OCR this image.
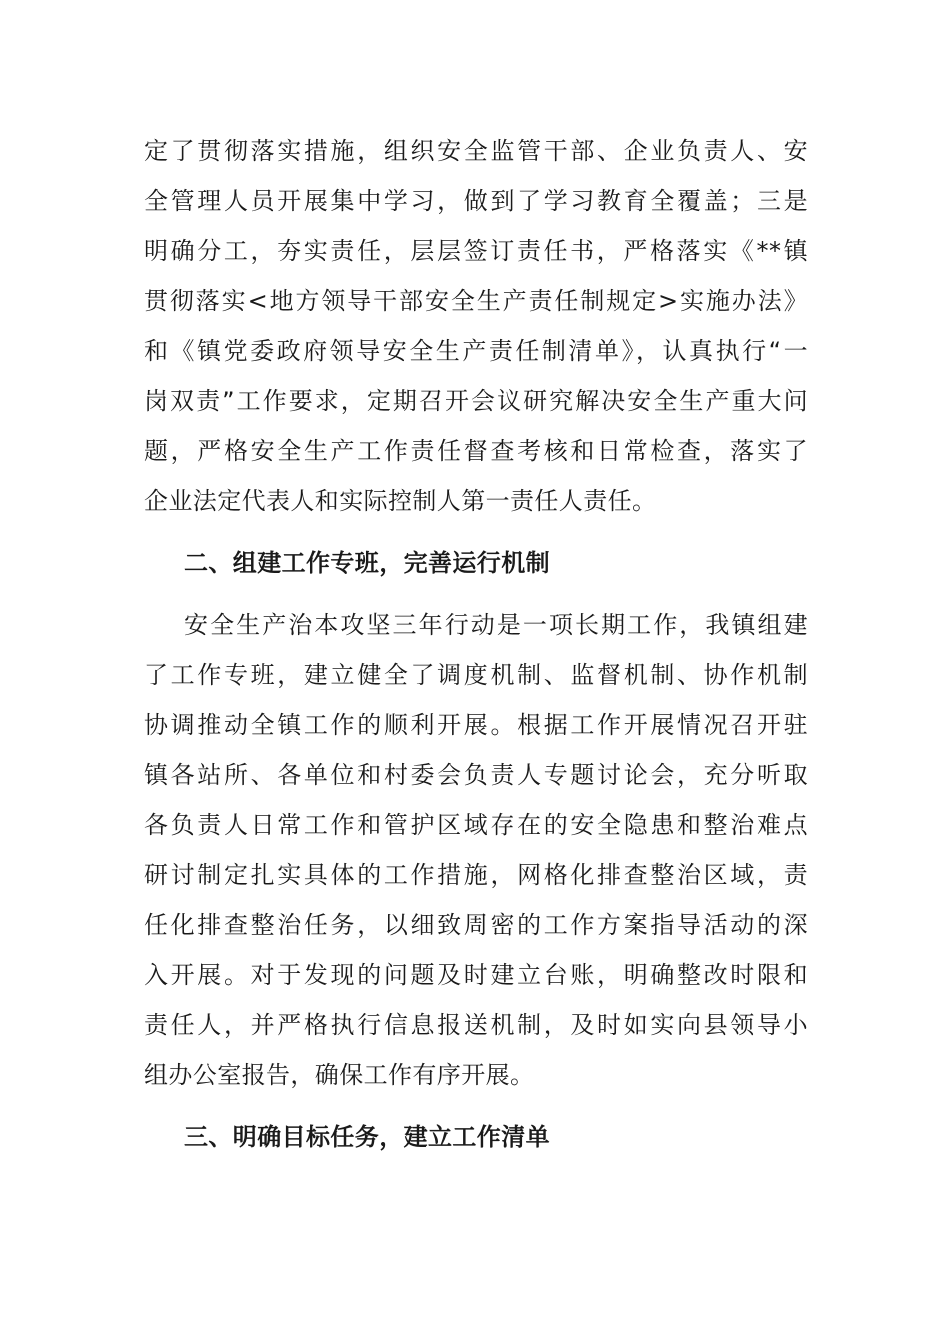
定了贯彻落实措施，组织安全监管干部、企业负责人、安
全管理人员开展集中学习，做到了学习教育全覆盖；三是
明确分工，夯实责任，层层签订责任书，严格落实《**镇
贯彻落实<地方领导干部安全生产责任制规定>实施办法》
和《镇党委政府领导安全生产责任制清单》，认真执行“一
岗双责”工作要求，定期召开会议研究解决安全生产重大问
题，严格安全生产工作责任督查考核和日常检查，落实了
企业法定代表人和实际控制人第一责任人责任。
二、组建工作专班，完善运行机制
安全生产治本攻坚三年行动是一项长期工作，我镇组建
了工作专班，建立健全了调度机制、监督机制、协作机制
协调推动全镇工作的顺利开展。根据工作开展情况召开驻
镇各站所、各单位和村委会负责人专题讨论会，充分听取
各负责人日常工作和管护区域存在的安全隐患和整治难点
研讨制定扎实具体的工作措施，网格化排查整治区域，责
任化排查整治任务，以细致周密的工作方案指导活动的深
入开展。对于发现的问题及时建立台账，明确整改时限和
责任人，并严格执行信息报送机制，及时如实向县领导小
组办公室报告，确保工作有序开展。
三、明确目标任务，建立工作清单
